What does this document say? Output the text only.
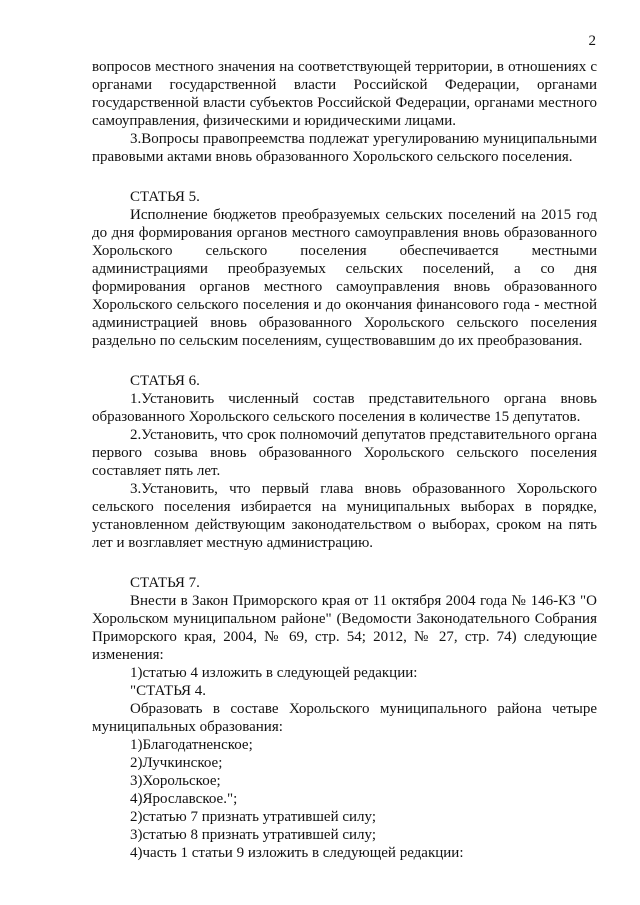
2

вопросов местного значения на соответствующей территории, в отношениях с органами государственной власти Российской Федерации, органами государственной власти субъектов Российской Федерации, органами местного самоуправления, физическими и юридическими лицами.

3.Вопросы правопреемства подлежат урегулированию муниципальными правовыми актами вновь образованного Хорольского сельского поселения.

СТАТЬЯ 5.

Исполнение бюджетов преобразуемых сельских поселений на 2015 год до дня формирования органов местного самоуправления вновь образованного Хорольского сельского поселения обеспечивается местными администрациями преобразуемых сельских поселений, а со дня формирования органов местного самоуправления вновь образованного Хорольского сельского поселения и до окончания финансового года - местной администрацией вновь образованного Хорольского сельского поселения раздельно по сельским поселениям, существовавшим до их преобразования.

СТАТЬЯ 6.

1.Установить численный состав представительного органа вновь образованного Хорольского сельского поселения в количестве 15 депутатов.

2.Установить, что срок полномочий депутатов представительного органа первого созыва вновь образованного Хорольского сельского поселения составляет пять лет.

3.Установить, что первый глава вновь образованного Хорольского сельского поселения избирается на муниципальных выборах в порядке, установленном действующим законодательством о выборах, сроком на пять лет и возглавляет местную администрацию.

СТАТЬЯ 7.

Внести в Закон Приморского края от 11 октября 2004 года № 146-КЗ "О Хорольском муниципальном районе" (Ведомости Законодательного Собрания Приморского края, 2004, № 69, стр. 54; 2012, № 27, стр. 74) следующие изменения:

1)статью 4 изложить в следующей редакции:

"СТАТЬЯ 4.

Образовать в составе Хорольского муниципального района четыре муниципальных образования:

1)Благодатненское;

2)Лучкинское;

3)Хорольское;

4)Ярославское.";

2)статью 7 признать утратившей силу;

3)статью 8 признать утратившей силу;

4)часть 1 статьи 9 изложить в следующей редакции:
